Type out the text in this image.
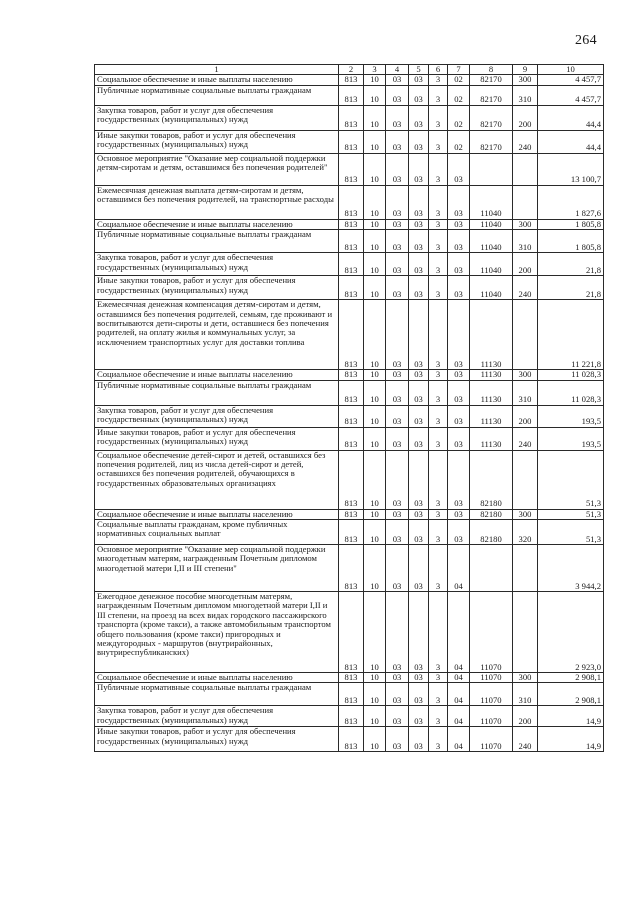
264
1	2	3	4	5	6	7	8	9	10
Социальное обеспечение и иные выплаты населению	813	10	03	03	3	02	82170	300	4 457,7
Публичные нормативные социальные выплаты гражданам	813	10	03	03	3	02	82170	310	4 457,7
Закупка товаров, работ и услуг для обеспечения государственных (муниципальных) нужд	813	10	03	03	3	02	82170	200	44,4
Иные закупки товаров, работ и услуг для обеспечения государственных (муниципальных) нужд	813	10	03	03	3	02	82170	240	44,4
Основное мероприятие "Оказание мер социальной поддержки детям-сиротам и детям, оставшимся без попечения родителей"	813	10	03	03	3	03			13 100,7
Ежемесячная денежная выплата детям-сиротам и детям, оставшимся без попечения родителей, на транспортные расходы	813	10	03	03	3	03	11040		1 827,6
Социальное обеспечение и иные выплаты населению	813	10	03	03	3	03	11040	300	1 805,8
Публичные нормативные социальные выплаты гражданам	813	10	03	03	3	03	11040	310	1 805,8
Закупка товаров, работ и услуг для обеспечения государственных (муниципальных) нужд	813	10	03	03	3	03	11040	200	21,8
Иные закупки товаров, работ и услуг для обеспечения государственных (муниципальных) нужд	813	10	03	03	3	03	11040	240	21,8
Ежемесячная денежная компенсация детям-сиротам и детям, оставшимся без попечения родителей, семьям, где проживают и воспитываются дети-сироты и дети, оставшиеся без попечения родителей, на оплату жилья и коммунальных услуг, за исключением транспортных услуг для доставки топлива	813	10	03	03	3	03	11130		11 221,8
Социальное обеспечение и иные выплаты населению	813	10	03	03	3	03	11130	300	11 028,3
Публичные нормативные социальные выплаты гражданам	813	10	03	03	3	03	11130	310	11 028,3
Закупка товаров, работ и услуг для обеспечения государственных (муниципальных) нужд	813	10	03	03	3	03	11130	200	193,5
Иные закупки товаров, работ и услуг для обеспечения государственных (муниципальных) нужд	813	10	03	03	3	03	11130	240	193,5
Социальное обеспечение детей-сирот и детей, оставшихся без попечения родителей, лиц из числа детей-сирот и детей, оставшихся без попечения родителей, обучающихся в государственных образовательных организациях	813	10	03	03	3	03	82180		51,3
Социальное обеспечение и иные выплаты населению	813	10	03	03	3	03	82180	300	51,3
Социальные выплаты гражданам, кроме публичных нормативных социальных выплат	813	10	03	03	3	03	82180	320	51,3
Основное мероприятие "Оказание мер социальной поддержки многодетным матерям, награжденным Почетным дипломом многодетной матери I,II и III степени"	813	10	03	03	3	04			3 944,2
Ежегодное денежное пособие многодетным матерям, награжденным Почетным дипломом многодетной матери I,II и III степени, на проезд на всех видах городского пассажирского транспорта (кроме такси), а также автомобильным транспортом общего пользования (кроме такси) пригородных и междугородных - маршрутов (внутрирайонных, внутриреспубликанских)	813	10	03	03	3	04	11070		2 923,0
Социальное обеспечение и иные выплаты населению	813	10	03	03	3	04	11070	300	2 908,1
Публичные нормативные социальные выплаты гражданам	813	10	03	03	3	04	11070	310	2 908,1
Закупка товаров, работ и услуг для обеспечения государственных (муниципальных) нужд	813	10	03	03	3	04	11070	200	14,9
Иные закупки товаров, работ и услуг для обеспечения государственных (муниципальных) нужд	813	10	03	03	3	04	11070	240	14,9
